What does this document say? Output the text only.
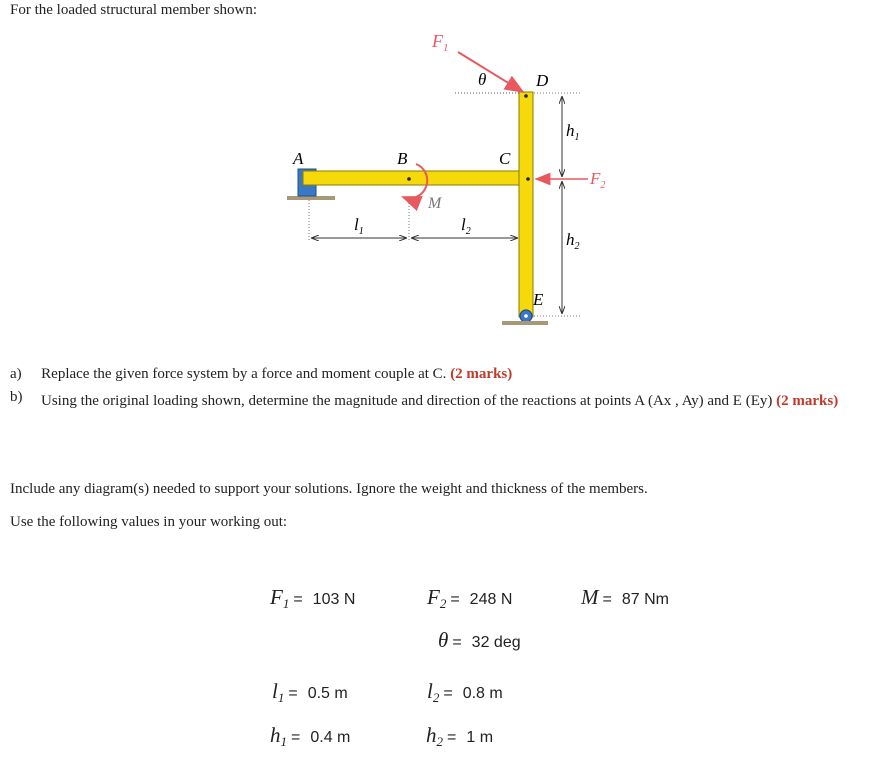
For the loaded structural member shown:
A	B	C
D
E
M
$F_1$
θ
$F_2$
$l_1$	$l_2$
$h_1$
$h_2$
a) Replace the given force system by a force and moment couple at C. (2 marks)
b) Using the original loading shown, determine the magnitude and direction of the reactions at points A (Ax , Ay) and E (Ey) (2 marks)
Include any diagram(s) needed to support your solutions. Ignore the weight and thickness of the members.
Use the following values in your working out:
$F_1 = 103$ N	$F_2 = 248$ N	M = 87 Nm
θ = 32 deg
$l_1 = 0.5$ m	$l_2 = 0.8$ m
$h_1 = 0.4$ m	$h_2 = 1$ m
